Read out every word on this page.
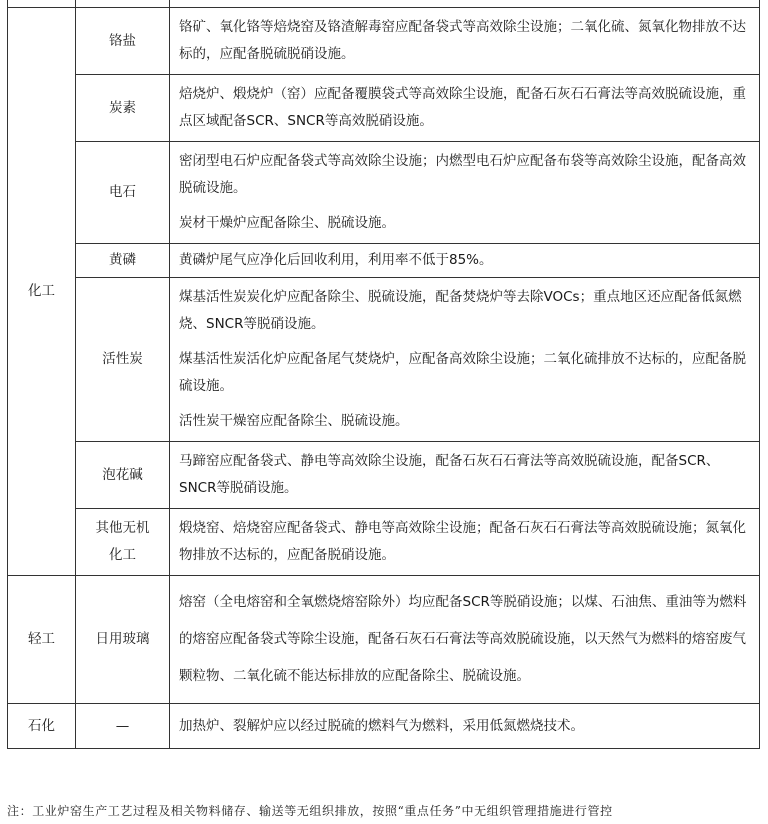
化工	铬盐	铬矿、氧化铬等焙烧窑及铬渣解毒窑应配备袋式等高效除尘设施；二氧化硫、氮氧化物排放不达标的，应配备脱硫脱硝设施。

	炭素	焙烧炉、煅烧炉（窑）应配备覆膜袋式等高效除尘设施，配备石灰石石膏法等高效脱硫设施，重点区域配备SCR、SNCR等高效脱硝设施。

	电石	密闭型电石炉应配备袋式等高效除尘设施；内燃型电石炉应配备布袋等高效除尘设施，配备高效脱硫设施。

炭材干燥炉应配备除尘、脱硫设施。

	黄磷	黄磷炉尾气应净化后回收利用，利用率不低于85%。

	活性炭	煤基活性炭炭化炉应配备除尘、脱硫设施，配备焚烧炉等去除VOCs；重点地区还应配备低氮燃烧、SNCR等脱硝设施。

煤基活性炭活化炉应配备尾气焚烧炉，应配备高效除尘设施；二氧化硫排放不达标的，应配备脱硫设施。

活性炭干燥窑应配备除尘、脱硫设施。

	泡花碱	马蹄窑应配备袋式、静电等高效除尘设施，配备石灰石石膏法等高效脱硫设施，配备SCR、SNCR等脱硝设施。

	其他无机化工	煅烧窑、焙烧窑应配备袋式、静电等高效除尘设施；配备石灰石石膏法等高效脱硫设施；氮氧化物排放不达标的，应配备脱硝设施。

轻工	日用玻璃	熔窑（全电熔窑和全氧燃烧熔窑除外）均应配备SCR等脱硝设施；以煤、石油焦、重油等为燃料的熔窑应配备袋式等除尘设施，配备石灰石石膏法等高效脱硫设施，以天然气为燃料的熔窑废气颗粒物、二氧化硫不能达标排放的应配备除尘、脱硫设施。

石化	—	加热炉、裂解炉应以经过脱硫的燃料气为燃料，采用低氮燃烧技术。

注：工业炉窑生产工艺过程及相关物料储存、输送等无组织排放，按照“重点任务”中无组织管理措施进行管控
